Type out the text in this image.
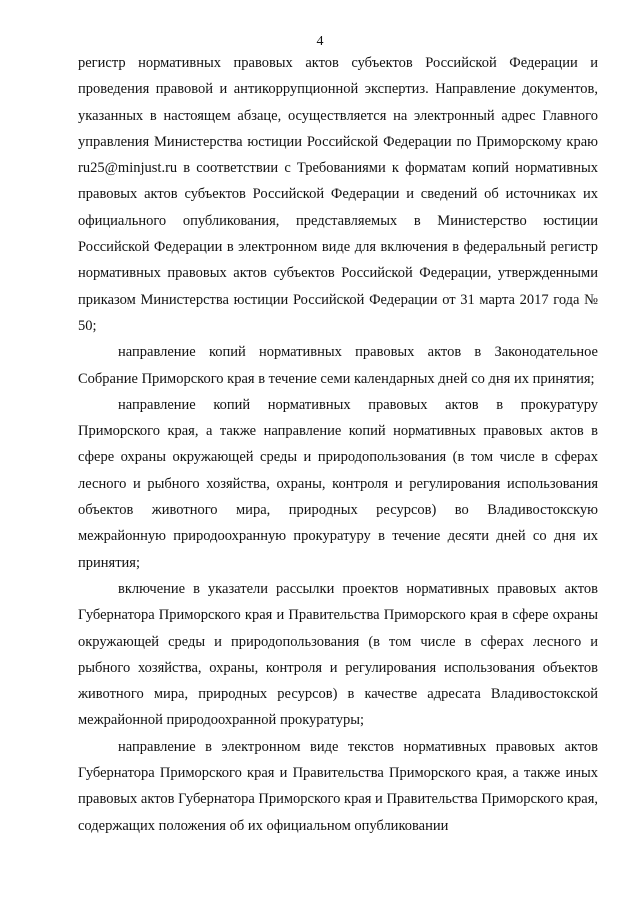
4

регистр нормативных правовых актов субъектов Российской Федерации и проведения правовой и антикоррупционной экспертиз. Направление документов, указанных в настоящем абзаце, осуществляется на электронный адрес Главного управления Министерства юстиции Российской Федерации по Приморскому краю ru25@minjust.ru в соответствии с Требованиями к форматам копий нормативных правовых актов субъектов Российской Федерации и сведений об источниках их официального опубликования, представляемых в Министерство юстиции Российской Федерации в электронном виде для включения в федеральный регистр нормативных правовых актов субъектов Российской Федерации, утвержденными приказом Министерства юстиции Российской Федерации от 31 марта 2017 года № 50;

направление копий нормативных правовых актов в Законодательное Собрание Приморского края в течение семи календарных дней со дня их принятия;

направление копий нормативных правовых актов в прокуратуру Приморского края, а также направление копий нормативных правовых актов в сфере охраны окружающей среды и природопользования (в том числе в сферах лесного и рыбного хозяйства, охраны, контроля и регулирования использования объектов животного мира, природных ресурсов) во Владивостокскую межрайонную природоохранную прокуратуру в течение десяти дней со дня их принятия;

включение в указатели рассылки проектов нормативных правовых актов Губернатора Приморского края и Правительства Приморского края в сфере охраны окружающей среды и природопользования (в том числе в сферах лесного и рыбного хозяйства, охраны, контроля и регулирования использования объектов животного мира, природных ресурсов) в качестве адресата Владивостокской межрайонной природоохранной прокуратуры;

направление в электронном виде текстов нормативных правовых актов Губернатора Приморского края и Правительства Приморского края, а также иных правовых актов Губернатора Приморского края и Правительства Приморского края, содержащих положения об их официальном опубликовании
